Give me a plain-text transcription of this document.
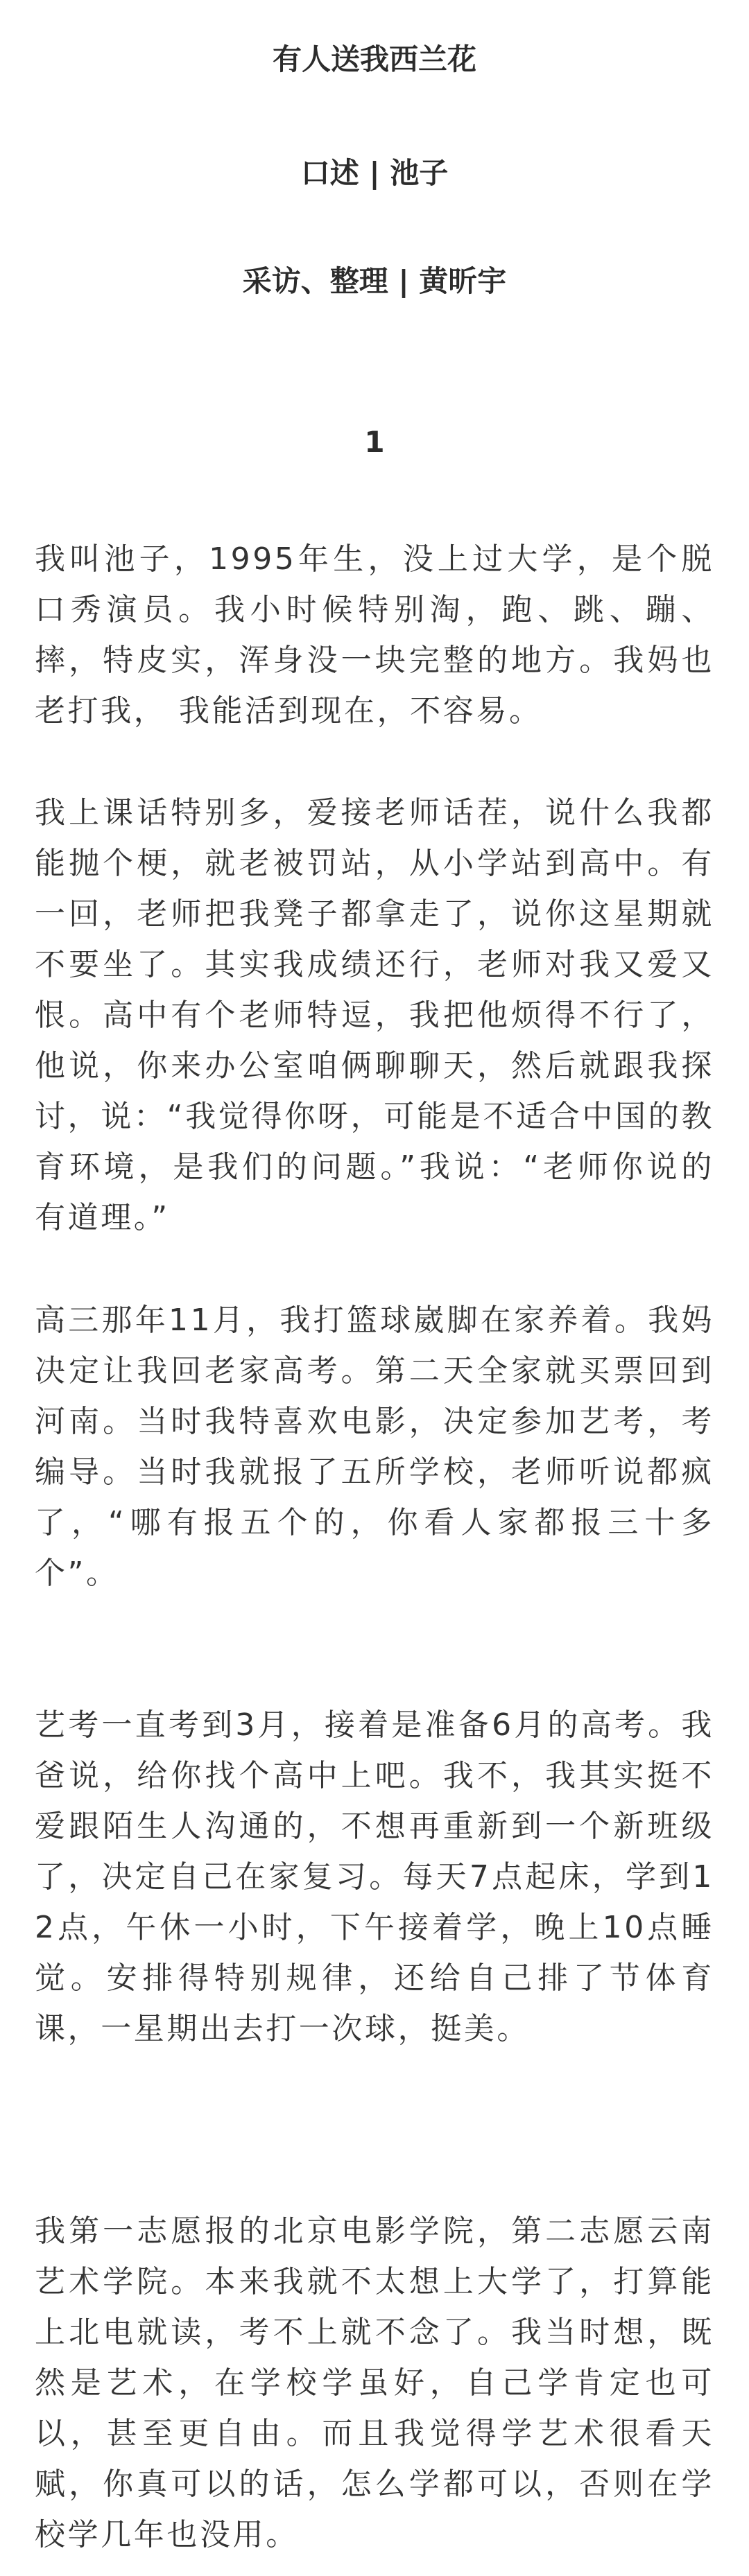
有人送我西兰花

口述 | 池子

采访、整理 | 黄昕宇

1

我叫池子，1995年生，没上过大学，是个脱口秀演员。我小时候特别淘，跑、跳、蹦、摔，特皮实，浑身没一块完整的地方。我妈也老打我， 我能活到现在，不容易。

我上课话特别多，爱接老师话茬，说什么我都能抛个梗，就老被罚站，从小学站到高中。有一回，老师把我凳子都拿走了，说你这星期就不要坐了。其实我成绩还行，老师对我又爱又恨。高中有个老师特逗，我把他烦得不行了，他说，你来办公室咱俩聊聊天，然后就跟我探讨，说：“我觉得你呀，可能是不适合中国的教育环境，是我们的问题。”我说：“老师你说的有道理。”

高三那年11月，我打篮球崴脚在家养着。我妈决定让我回老家高考。第二天全家就买票回到河南。当时我特喜欢电影，决定参加艺考，考编导。当时我就报了五所学校，老师听说都疯了，“哪有报五个的，你看人家都报三十多个”。

艺考一直考到3月，接着是准备6月的高考。我爸说，给你找个高中上吧。我不，我其实挺不爱跟陌生人沟通的，不想再重新到一个新班级了，决定自己在家复习。每天7点起床，学到12点，午休一小时，下午接着学，晚上10点睡觉。安排得特别规律，还给自己排了节体育课，一星期出去打一次球，挺美。

我第一志愿报的北京电影学院，第二志愿云南艺术学院。本来我就不太想上大学了，打算能上北电就读，考不上就不念了。我当时想，既然是艺术，在学校学虽好，自己学肯定也可以，甚至更自由。而且我觉得学艺术很看天赋，你真可以的话，怎么学都可以，否则在学校学几年也没用。
